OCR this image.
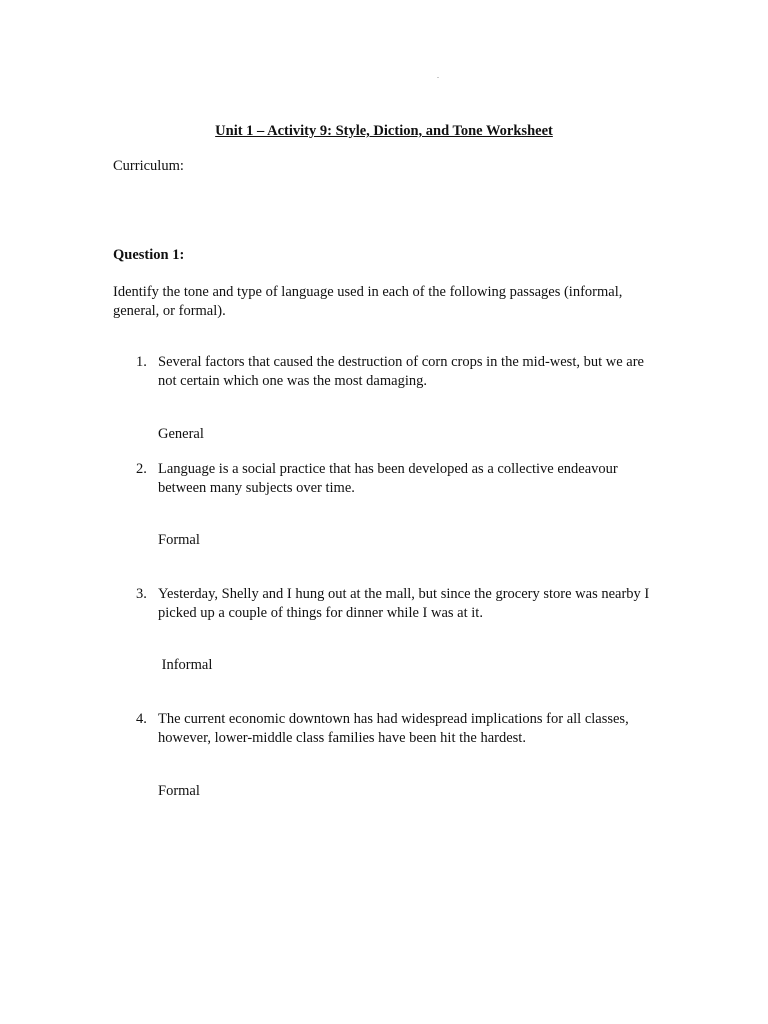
.
Unit 1 – Activity 9: Style, Diction, and Tone Worksheet
Curriculum:
Question 1:
Identify the tone and type of language used in each of the following passages (informal, general, or formal).
1. Several factors that caused the destruction of corn crops in the mid-west, but we are not certain which one was the most damaging.
General
2. Language is a social practice that has been developed as a collective endeavour between many subjects over time.
Formal
3. Yesterday, Shelly and I hung out at the mall, but since the grocery store was nearby I picked up a couple of things for dinner while I was at it.
Informal
4. The current economic downtown has had widespread implications for all classes, however, lower-middle class families have been hit the hardest.
Formal
